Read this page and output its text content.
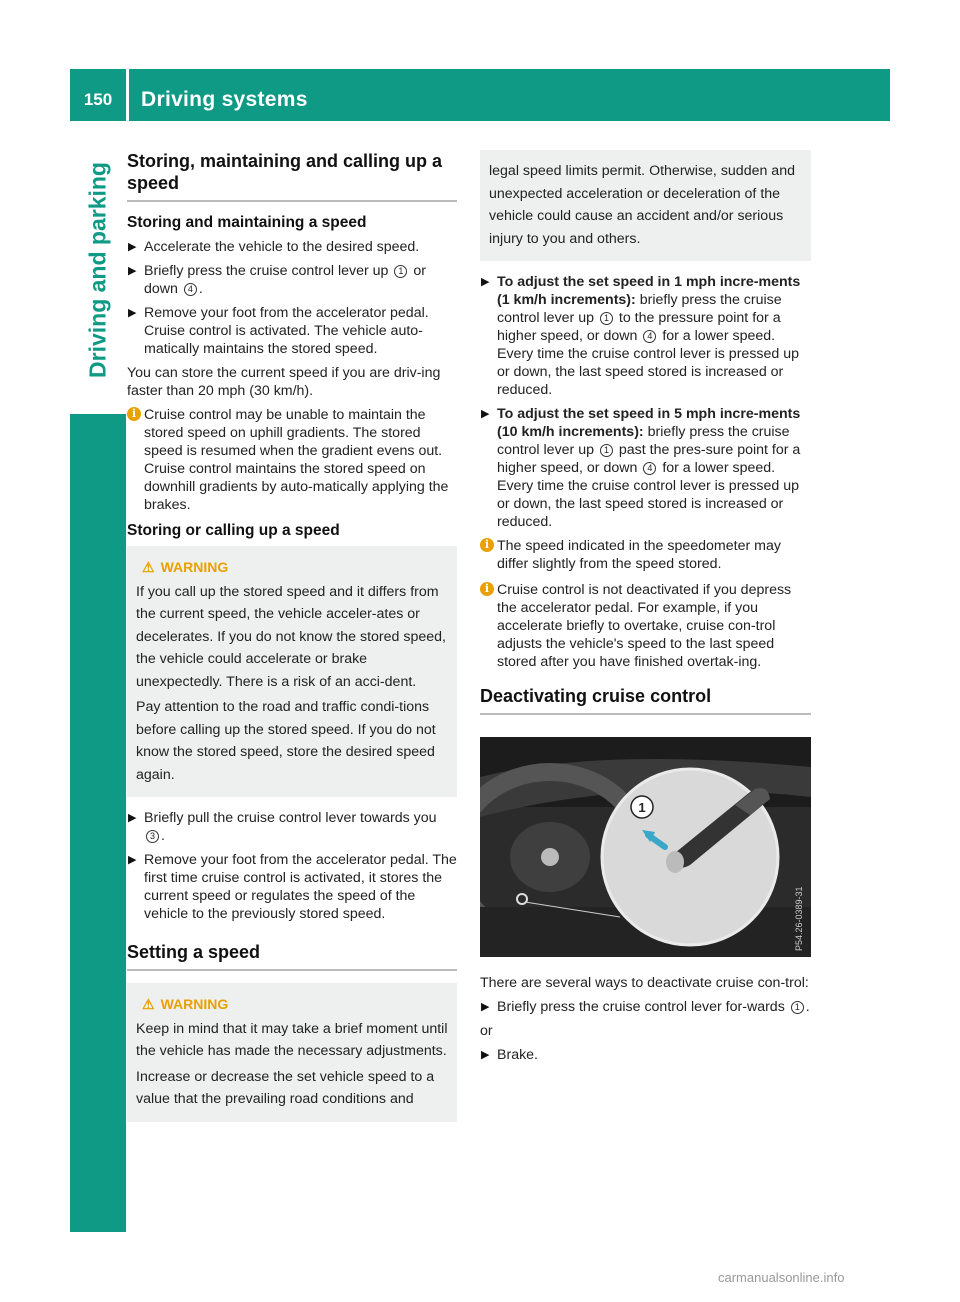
150	Driving systems
Driving and parking
Storing, maintaining and calling up a speed
Storing and maintaining a speed
▶ Accelerate the vehicle to the desired speed.
▶ Briefly press the cruise control lever up 1 or down 4 .
▶ Remove your foot from the accelerator pedal. Cruise control is activated. The vehicle auto-matically maintains the stored speed.

You can store the current speed if you are driv-ing faster than 20 mph (30 km/h).

i Cruise control may be unable to maintain the stored speed on uphill gradients. The stored speed is resumed when the gradient evens out. Cruise control maintains the stored speed on downhill gradients by auto-matically applying the brakes.
Storing or calling up a speed
⚠ WARNING

If you call up the stored speed and it differs from the current speed, the vehicle acceler-ates or decelerates. If you do not know the stored speed, the vehicle could accelerate or brake unexpectedly. There is a risk of an acci-dent.

Pay attention to the road and traffic condi-tions before calling up the stored speed. If you do not know the stored speed, store the desired speed again.

▶ Briefly pull the cruise control lever towards you 3 .
▶ Remove your foot from the accelerator pedal. The first time cruise control is activated, it stores the current speed or regulates the speed of the vehicle to the previously stored speed.
Setting a speed
⚠ WARNING

Keep in mind that it may take a brief moment until the vehicle has made the necessary adjustments.

Increase or decrease the set vehicle speed to a value that the prevailing road conditions and

legal speed limits permit. Otherwise, sudden and unexpected acceleration or deceleration of the vehicle could cause an accident and/or serious injury to you and others.

▶ To adjust the set speed in 1 mph incre-ments (1 km/h increments): briefly press the cruise control lever up 1 to the pressure point for a higher speed, or down 4 for a lower speed.
Every time the cruise control lever is pressed up or down, the last speed stored is increased or reduced.
▶ To adjust the set speed in 5 mph incre-ments (10 km/h increments): briefly press the cruise control lever up 1 past the pres-sure point for a higher speed, or down 4 for a lower speed.
Every time the cruise control lever is pressed up or down, the last speed stored is increased or reduced.
i The speed indicated in the speedometer may differ slightly from the speed stored.
i Cruise control is not deactivated if you depress the accelerator pedal. For example, if you accelerate briefly to overtake, cruise con-trol adjusts the vehicle's speed to the last speed stored after you have finished overtak-ing.
Deactivating cruise control
1
P54.26-0389-31

There are several ways to deactivate cruise con-trol:

▶ Briefly press the cruise control lever for-wards 1 .

or

▶ Brake.
carmanualsonline.info
